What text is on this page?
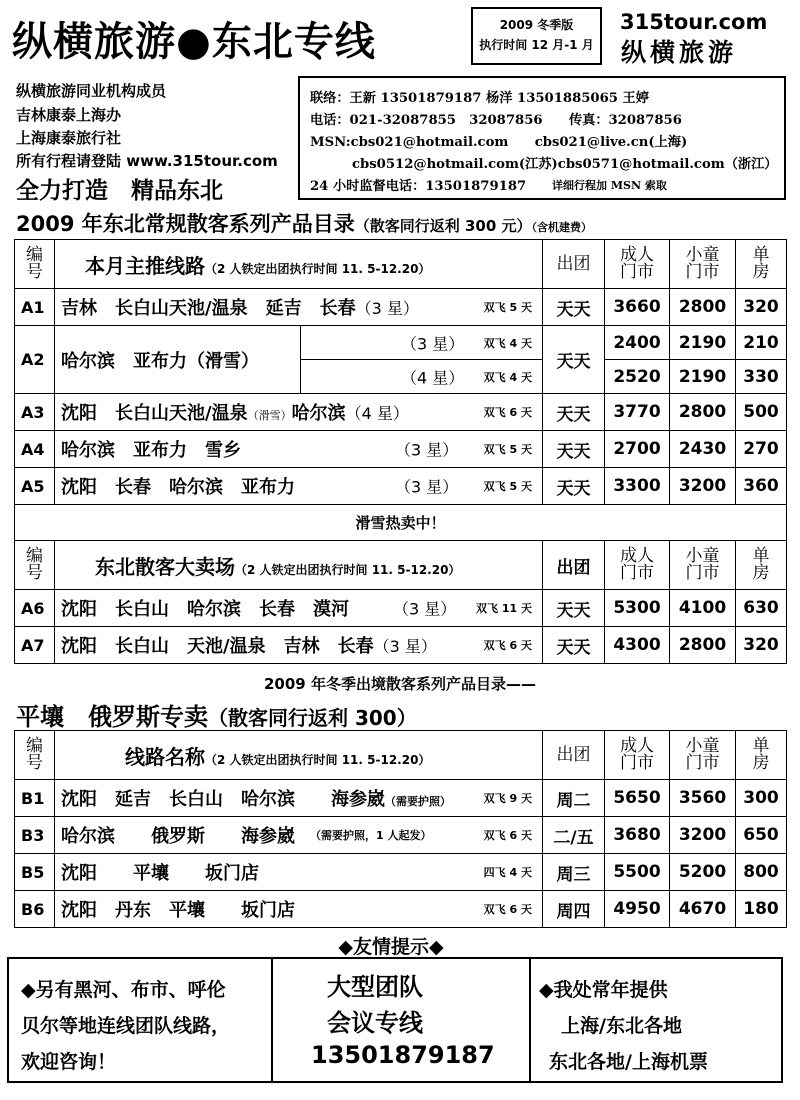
纵横旅游●东北专线	2009 冬季版
执行时间 12 月-1 月
315tour.com
纵横旅游
纵横旅游同业机构成员
吉林康泰上海办
上海康泰旅行社
所有行程请登陆 www.315tour.com
全力打造　精品东北
联络：王新 13501879187 杨洋 13501885065 王婷
电话：021-32087855　32087856　　传真：32087856
MSN:cbs021@hotmail.com　　cbs021@live.cn(上海)
cbs0512@hotmail.com(江苏)cbs0571@hotmail.com（浙江）
24 小时监督电话：13501879187 详细行程加 MSN 索取
2009 年东北常规散客系列产品目录（散客同行返利 300 元）（含机建费）
编号	本月主推线路（2 人铁定出团执行时间 11. 5-12.20）		出团	成人门市	小童门市	单房
A1	吉林　长白山天池/温泉　延吉　长春（3 星） 双飞 5 天		天天	3660	2800	320
A2	哈尔滨　亚布力（滑雪）	（3 星） 双飞 4 天	天天	2400	2190	210

		（4 星） 双飞 4 天		2520	2190	330
A3	沈阳　长白山天池/温泉（滑雪）哈尔滨（4 星） 双飞 6 天		天天	3770	2800	500
A4	哈尔滨　亚布力　雪乡 （3 星） 双飞 5 天		天天	2700	2430	270
A5	沈阳　长春　哈尔滨　亚布力 （3 星） 双飞 5 天		天天	3300	3200	360
滑雪热卖中！						
编号	东北散客大卖场（2 人铁定出团执行时间 11. 5-12.20）		出团	成人门市	小童门市	单房
A6	沈阳　长白山　哈尔滨　长春　漠河 （3 星） 双飞 11 天		天天	5300	4100	630
A7	沈阳　长白山　天池/温泉　吉林　长春（3 星） 双飞 6 天		天天	4300	2800	320
2009 年冬季出境散客系列产品目录——
平壤　俄罗斯专卖（散客同行返利 300）
编号	线路名称（2 人铁定出团执行时间 11. 5-12.20）	出团	成人门市	小童门市	单房
B1	沈阳　延吉　长白山　哈尔滨　　海参崴（需要护照） 双飞 9 天	周二	5650	3560	300
B3	哈尔滨　　俄罗斯　　海参崴 （需要护照，1 人起发） 双飞 6 天	二/五	3680	3200	650
B5	沈阳　　平壤　　坂门店 四飞 4 天	周三	5500	5200	800
B6	沈阳　丹东　平壤　　坂门店 双飞 6 天	周四	4950	4670	180
◆友情提示◆
◆另有黑河、布市、呼伦
贝尔等地连线团队线路，
欢迎咨询！
大型团队
会议专线
13501879187
◆我处常年提供
上海/东北各地
东北各地/上海机票
